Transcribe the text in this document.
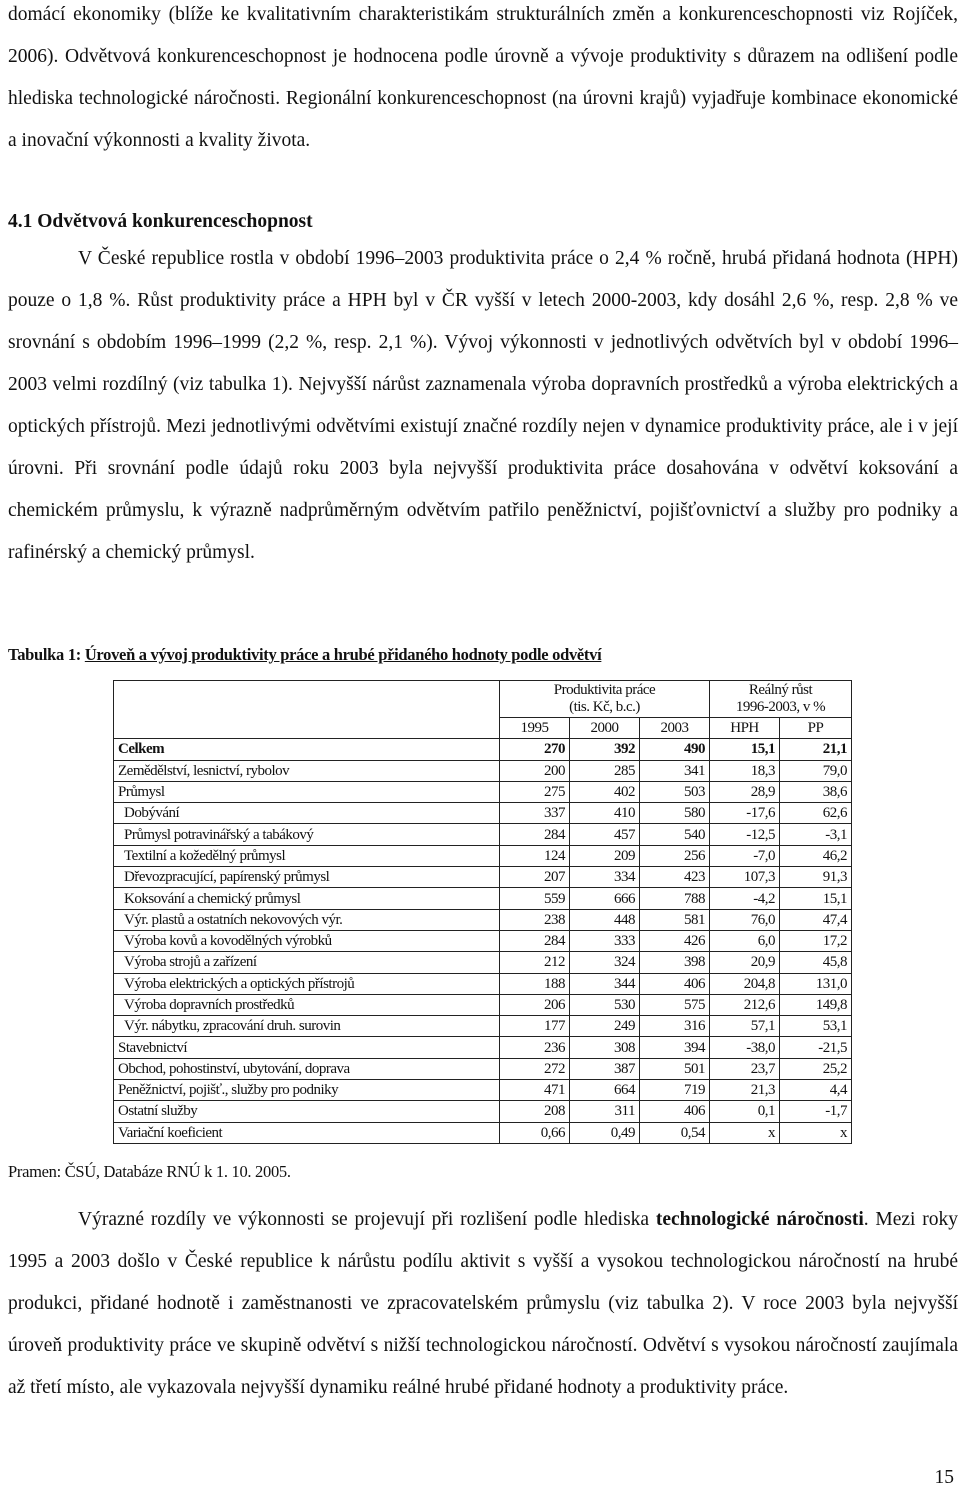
domácí ekonomiky (blíže ke kvalitativním charakteristikám strukturálních změn a konkurenceschopnosti viz Rojíček, 2006). Odvětvová konkurenceschopnost je hodnocena podle úrovně a vývoje produktivity s důrazem na odlišení podle hlediska technologické náročnosti. Regionální konkurenceschopnost (na úrovni krajů) vyjadřuje kombinace ekonomické a inovační výkonnosti a kvality života.

4.1 Odvětvová konkurenceschopnost

V České republice rostla v období 1996–2003 produktivita práce o 2,4 % ročně, hrubá přidaná hodnota (HPH) pouze o 1,8 %. Růst produktivity práce a HPH byl v ČR vyšší v letech 2000-2003, kdy dosáhl 2,6 %, resp. 2,8 % ve srovnání s obdobím 1996–1999 (2,2 %, resp. 2,1 %). Vývoj výkonnosti v jednotlivých odvětvích byl v období 1996–2003 velmi rozdílný (viz tabulka 1). Nejvyšší nárůst zaznamenala výroba dopravních prostředků a výroba elektrických a optických přístrojů. Mezi jednotlivými odvětvími existují značné rozdíly nejen v dynamice produktivity práce, ale i v její úrovni. Při srovnání podle údajů roku 2003 byla nejvyšší produktivita práce dosahována v odvětví koksování a chemickém průmyslu, k výrazně nadprůměrným odvětvím patřilo peněžnictví, pojišťovnictví a služby pro podniky a rafinérský a chemický průmysl.

Tabulka 1: Úroveň a vývoj produktivity práce a hrubé přidaného hodnoty podle odvětví

	Produktivita práce
(tis. Kč, b.c.)			Reálný růst
1996-2003, v %	
	1995	2000	2003	HPH	PP
Celkem	270	392	490	15,1	21,1
Zemědělství, lesnictví, rybolov	200	285	341	18,3	79,0
Průmysl	275	402	503	28,9	38,6
Dobývání	337	410	580	-17,6	62,6
Průmysl potravinářský a tabákový	284	457	540	-12,5	-3,1
Textilní a kožedělný průmysl	124	209	256	-7,0	46,2
Dřevozpracující, papírenský průmysl	207	334	423	107,3	91,3
Koksování a chemický průmysl	559	666	788	-4,2	15,1
Výr. plastů a ostatních nekovových výr.	238	448	581	76,0	47,4
Výroba kovů a kovodělných výrobků	284	333	426	6,0	17,2
Výroba strojů a zařízení	212	324	398	20,9	45,8
Výroba elektrických a optických přístrojů	188	344	406	204,8	131,0
Výroba dopravních prostředků	206	530	575	212,6	149,8
Výr. nábytku, zpracování druh. surovin	177	249	316	57,1	53,1
Stavebnictví	236	308	394	-38,0	-21,5
Obchod, pohostinství, ubytování, doprava	272	387	501	23,7	25,2
Peněžnictví, pojišť., služby pro podniky	471	664	719	21,3	4,4
Ostatní služby	208	311	406	0,1	-1,7
Variační koeficient	0,66	0,49	0,54	x	x

Pramen: ČSÚ, Databáze RNÚ k 1. 10. 2005.

Výrazné rozdíly ve výkonnosti se projevují při rozlišení podle hlediska technologické náročnosti. Mezi roky 1995 a 2003 došlo v České republice k nárůstu podílu aktivit s vyšší a vysokou technologickou náročností na hrubé produkci, přidané hodnotě i zaměstnanosti ve zpracovatelském průmyslu (viz tabulka 2). V roce 2003 byla nejvyšší úroveň produktivity práce ve skupině odvětví s nižší technologickou náročností. Odvětví s vysokou náročností zaujímala až třetí místo, ale vykazovala nejvyšší dynamiku reálné hrubé přidané hodnoty a produktivity práce.

15
